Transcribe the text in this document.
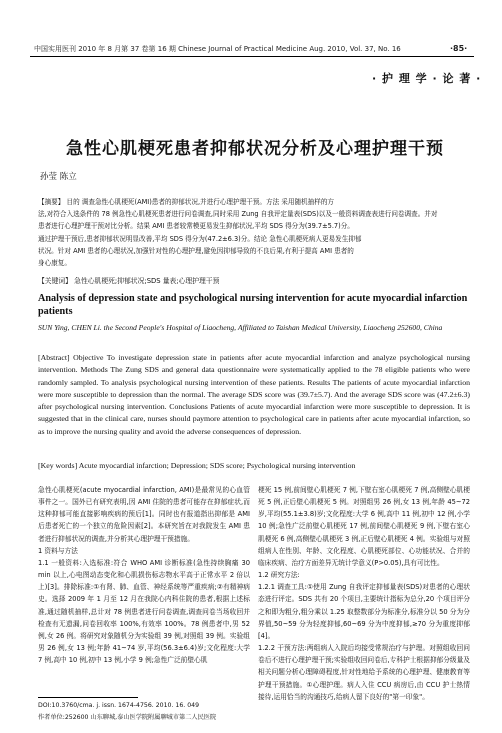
中国实用医刊 2010 年 8 月第 37 卷第 16 期 Chinese Journal of Practical Medicine Aug. 2010, Vol. 37, No. 16	·85·
· 护 理 学 · 论 著 ·
急性心肌梗死患者抑郁状况分析及心理护理干预
孙莹 陈立
【摘要】 目的 调查急性心肌梗死(AMI)患者的抑郁状况,并进行心理护理干预。方法 采用随机抽样的方
法,对符合入选条件的 78 例急性心肌梗死患者进行问卷调查,同时采用 Zung 自我评定量表(SDS)以及一般资料调查表进行问卷调查。并对
患者进行心理护理干预对比分析。结果 AMI 患者较常模更易发生抑郁状况,平均 SDS 得分为(39.7±5.7)分。
通过护理干预后,患者抑郁状况明显改善,平均 SDS 得分为(47.2±6.3)分。结论 急性心肌梗死病人更易发生抑郁
状况。针对 AMI 患者的心理状况,加强针对性的心理护理,避免因抑郁导致的不良后果,有利于提高 AMI 患者的
身心康复。
【关键词】 急性心肌梗死;抑郁状况;SDS 量表;心理护理干预
Analysis of depression state and psychological nursing intervention for acute myocardial infarction patients
SUN Ying, CHEN Li. the Second People's Hospital of Liaocheng, Affiliated to Taishan Medical University, Liaocheng 252600, China
[Abstract] Objective To investigate depression state in patients after acute myocardial infarction and analyze psychological nursing intervention. Methods The Zung SDS and general data questionnaire were systematically applied to the 78 eligible patients who were randomly sampled. To analysis psychological nursing intervention of these patients. Results The patients of acute myocardial infarction were more susceptible to depression than the normal. The average SDS score was (39.7±5.7). And the average SDS score was (47.2±6.3) after psychological nursing intervention. Conclusions Patients of acute myocardial infarction were more susceptible to depression. It is suggested that in the clinical care, nurses should paymore attention to psychological care in patients after acute myocardial infarction, so as to improve the nursing quality and avoid the adverse consequences of depression.
[Key words] Acute myocardial infarction; Depression; SDS score; Psychological nursing intervention
急性心肌梗死(acute myocardial infarction, AMI)是最常见的心血管事件之一。国外已有研究表明,因 AMI 住院的患者可能存在抑郁症状,而这种抑郁可能直接影响疾病的预后[1]。同时也有报道指出抑郁是 AMI 后患者死亡的一个独立的危险因素[2]。本研究旨在对我院发生 AMI 患者进行抑郁状况的调查,并分析其心理护理干预措施。
1 资料与方法
1.1 一般资料:入选标准:符合 WHO AMI 诊断标准(急性持续胸痛 30 min 以上,心电图动态变化和心肌损伤标志物水平高于正常水平 2 倍以上)[3]。排除标准:①有肾、肺、血管、神经系统等严重疾病;②有精神病史。选择 2009 年 1 月至 12 月在我院心内科住院的患者,根据上述标准,通过随机抽样,总计对 78 例患者进行问卷调查,调查问卷当场收回并检查有无遗漏,问卷回收率 100%,有效率 100%。78 例患者中,男 52 例,女 26 例。将研究对象随机分为实验组 39 例,对照组 39 例。实验组男 26 例,女 13 例;年龄 41~74 岁,平均(56.3±6.4)岁;文化程度:大学 7 例,高中 10 例,初中 13 例,小学 9 例;急性广泛前壁心肌
梗死 15 例,前间壁心肌梗死 7 例,下壁右室心肌梗死 7 例,高侧壁心肌梗死 5 例,正后壁心肌梗死 5 例。对照组男 26 例,女 13 例,年龄 45~72 岁,平均(55.1±3.8)岁;文化程度:大学 6 例,高中 11 例,初中 12 例,小学 10 例;急性广泛前壁心肌梗死 17 例,前间壁心肌梗死 9 例,下壁右室心肌梗死 6 例,高侧壁心肌梗死 3 例,正后壁心肌梗死 4 例。实验组与对照组病人在性别、年龄、文化程度、心肌梗死部位、心功能状况、合并的临床疾病、治疗方面差异无统计学意义(P>0.05),具有可比性。
1.2 研究方法:
1.2.1 调查工具:①使用 Zung 自我评定抑郁量表(SDS)对患者的心理状态进行评定。SDS 共有 20 个项目,主要统计指标为总分,20 个项目评分之和即为粗分,粗分乘以 1.25 取整数部分为标准分,标准分以 50 分为分界值,50~59 分为轻度抑郁,60~69 分为中度抑郁,≥70 分为重度抑郁[4]。
1.2.2 干预方法:两组病人入院后均接受常规治疗与护理。对照组收回问卷后不进行心理护理干预;实验组收回问卷后,专科护士根据抑郁分级量及相关问题分析心理障碍程度,针对性地给予系统的心理护理、健康教育等护理干预措施。①心理护理。病人入住 CCU 病房后,由 CCU 护士热情接待,运用恰当的沟通技巧,给病人留下良好的"第一印象"。
DOI:10.3760/cma. j. issn. 1674-4756. 2010. 16. 049
作者单位:252600 山东聊城,泰山医学院附属聊城市第二人民医院
